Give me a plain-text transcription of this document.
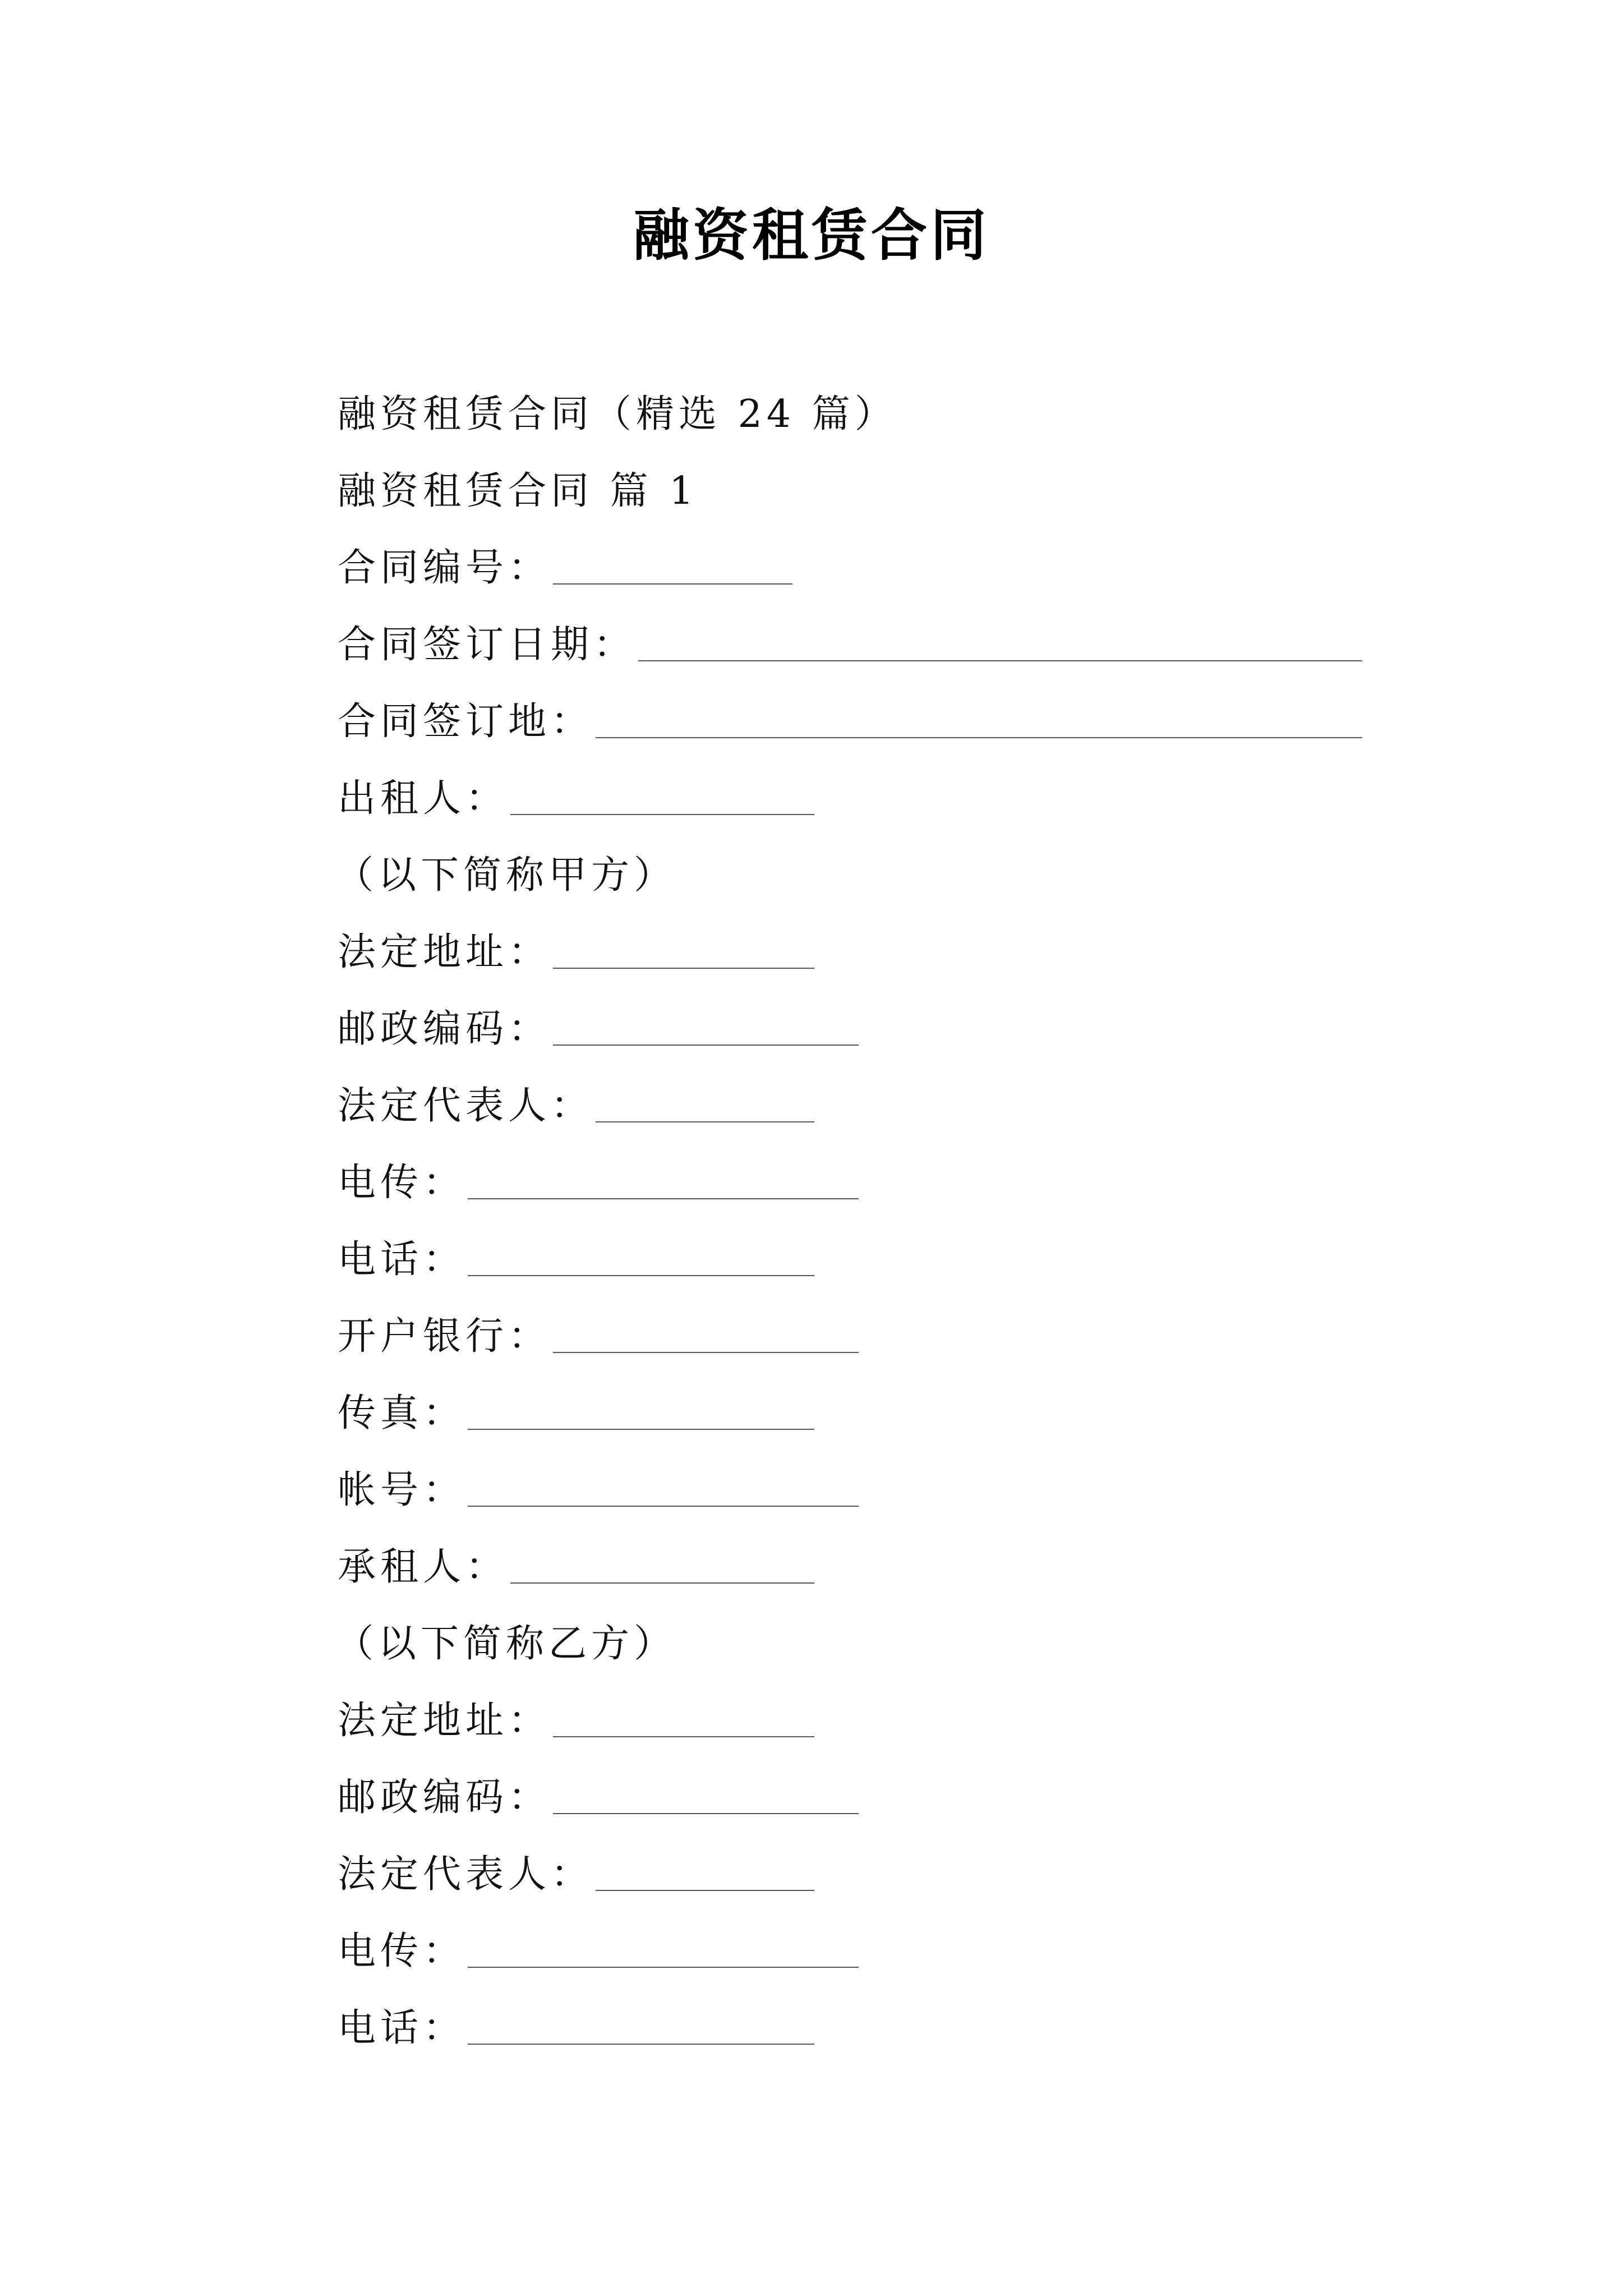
融资租赁合同
融资租赁合同（精选 24 篇）
融资租赁合同 篇 1
合同编号：
合同签订日期：
合同签订地：
出租人：
（以下简称甲方）
法定地址：
邮政编码：
法定代表人：
电传：
电话：
开户银行：
传真：
帐号：
承租人：
（以下简称乙方）
法定地址：
邮政编码：
法定代表人：
电传：
电话：
